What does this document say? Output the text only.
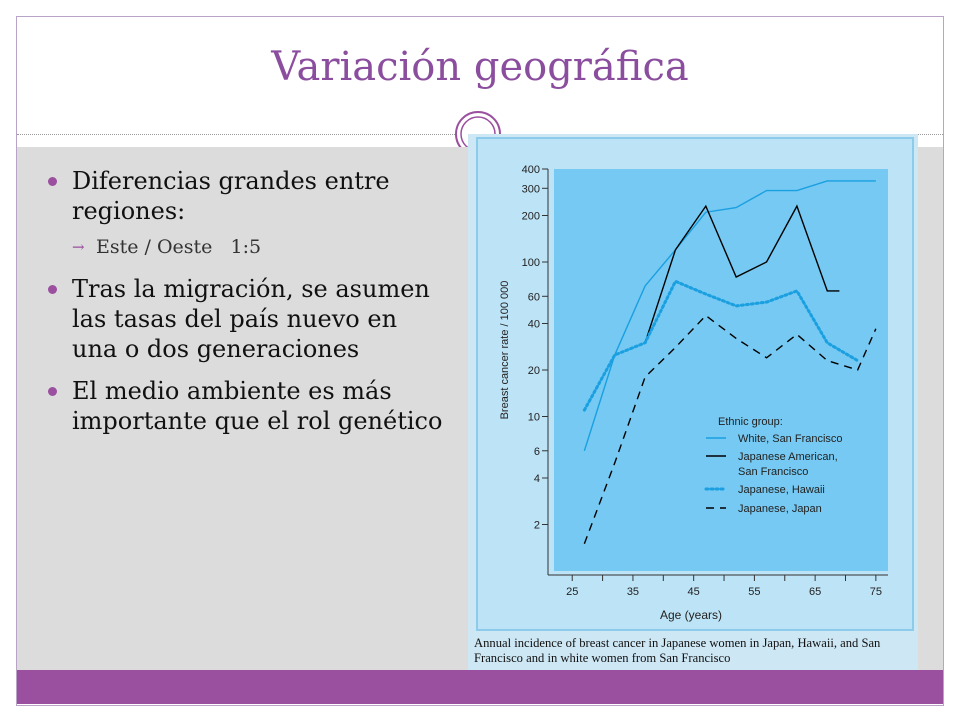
Variación geográfica
Diferencias grandes entre regiones:
→ Este / Oeste   1:5
Tras la migración, se asumen las tasas del país nuevo en una o dos generaciones
El medio ambiente es más importante que el rol genético
2
4
6
10
20
40
60
100
200
300
400
25	35	45	55	65	75
Age (years)
Breast cancer rate / 100 000
Ethnic group:
White, San Francisco
Japanese American,
San Francisco
Japanese, Hawaii
Japanese, Japan
Annual incidence of breast cancer in Japanese women in Japan, Hawaii, and San Francisco and in white women from San Francisco
